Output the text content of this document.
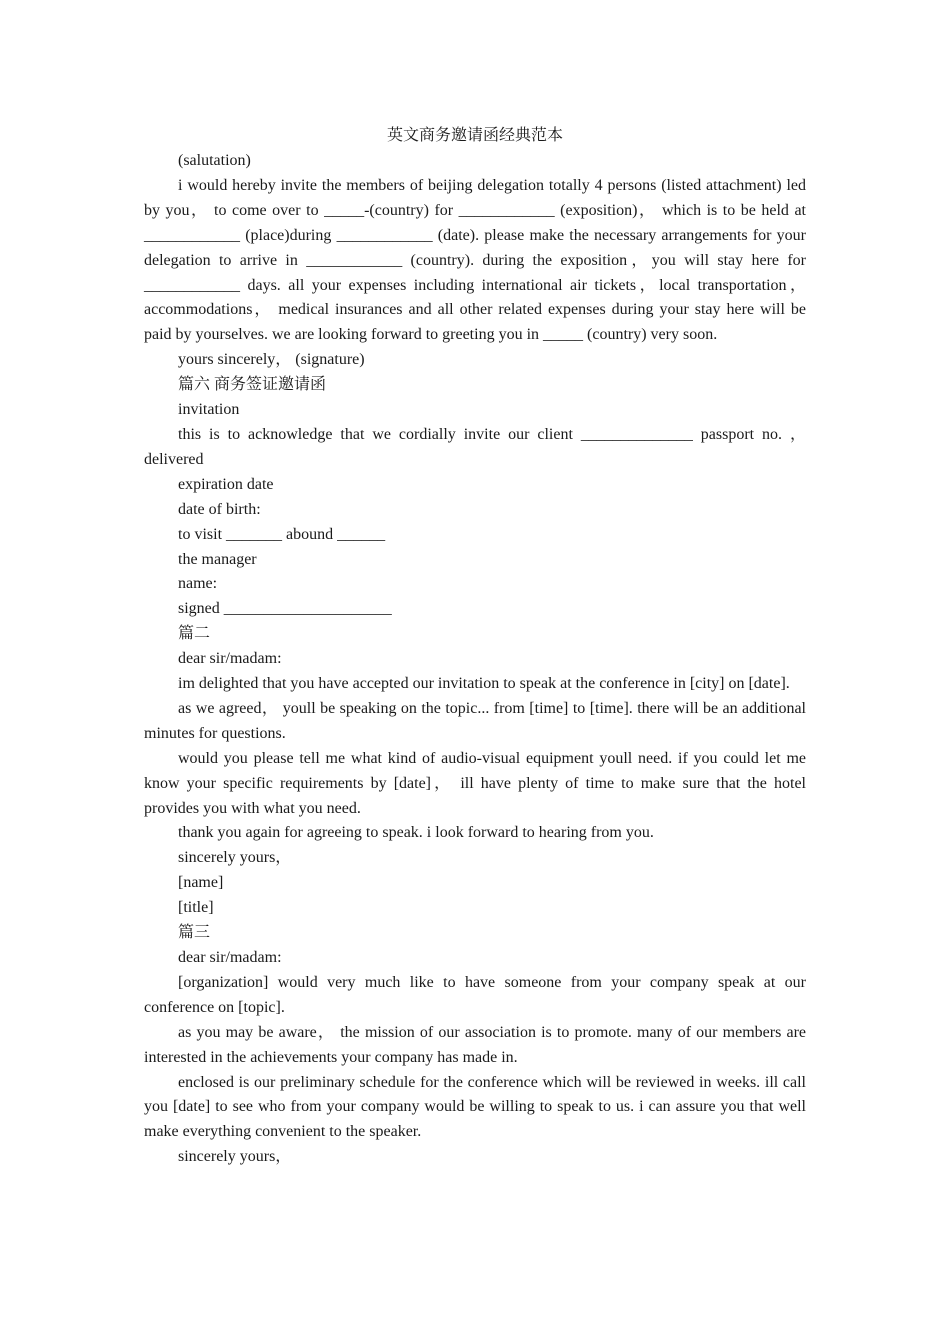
英文商务邀请函经典范本

(salutation)

i would hereby invite the members of beijing delegation totally 4 persons (listed attachment) led by you， to come over to _____-(country) for ____________ (exposition)， which is to be held at ____________ (place)during ____________ (date). please make the necessary arrangements for your delegation to arrive in ____________ (country). during the exposition，you will stay here for ____________ days. all your expenses including international air tickets，local transportation， accommodations， medical insurances and all other related expenses during your stay here will be paid by yourselves. we are looking forward to greeting you in _____ (country) very soon.

yours sincerely， (signature)

篇六 商务签证邀请函

invitation

this is to acknowledge that we cordially invite our client ______________ passport no. ， delivered

expiration date

date of birth:

to visit _______ abound ______

the manager

name:

signed _____________________

篇二

dear sir/madam:

im delighted that you have accepted our invitation to speak at the conference in [city] on [date].

as we agreed， youll be speaking on the topic... from [time] to [time]. there will be an additional minutes for questions.

would you please tell me what kind of audio-visual equipment youll need. if you could let me know your specific requirements by [date]， ill have plenty of time to make sure that the hotel provides you with what you need.

thank you again for agreeing to speak. i look forward to hearing from you.

sincerely yours，

[name]

[title]

篇三

dear sir/madam:

[organization] would very much like to have someone from your company speak at our conference on [topic].

as you may be aware， the mission of our association is to promote. many of our members are interested in the achievements your company has made in.

enclosed is our preliminary schedule for the conference which will be reviewed in weeks. ill call you [date] to see who from your company would be willing to speak to us. i can assure you that well make everything convenient to the speaker.

sincerely yours，
